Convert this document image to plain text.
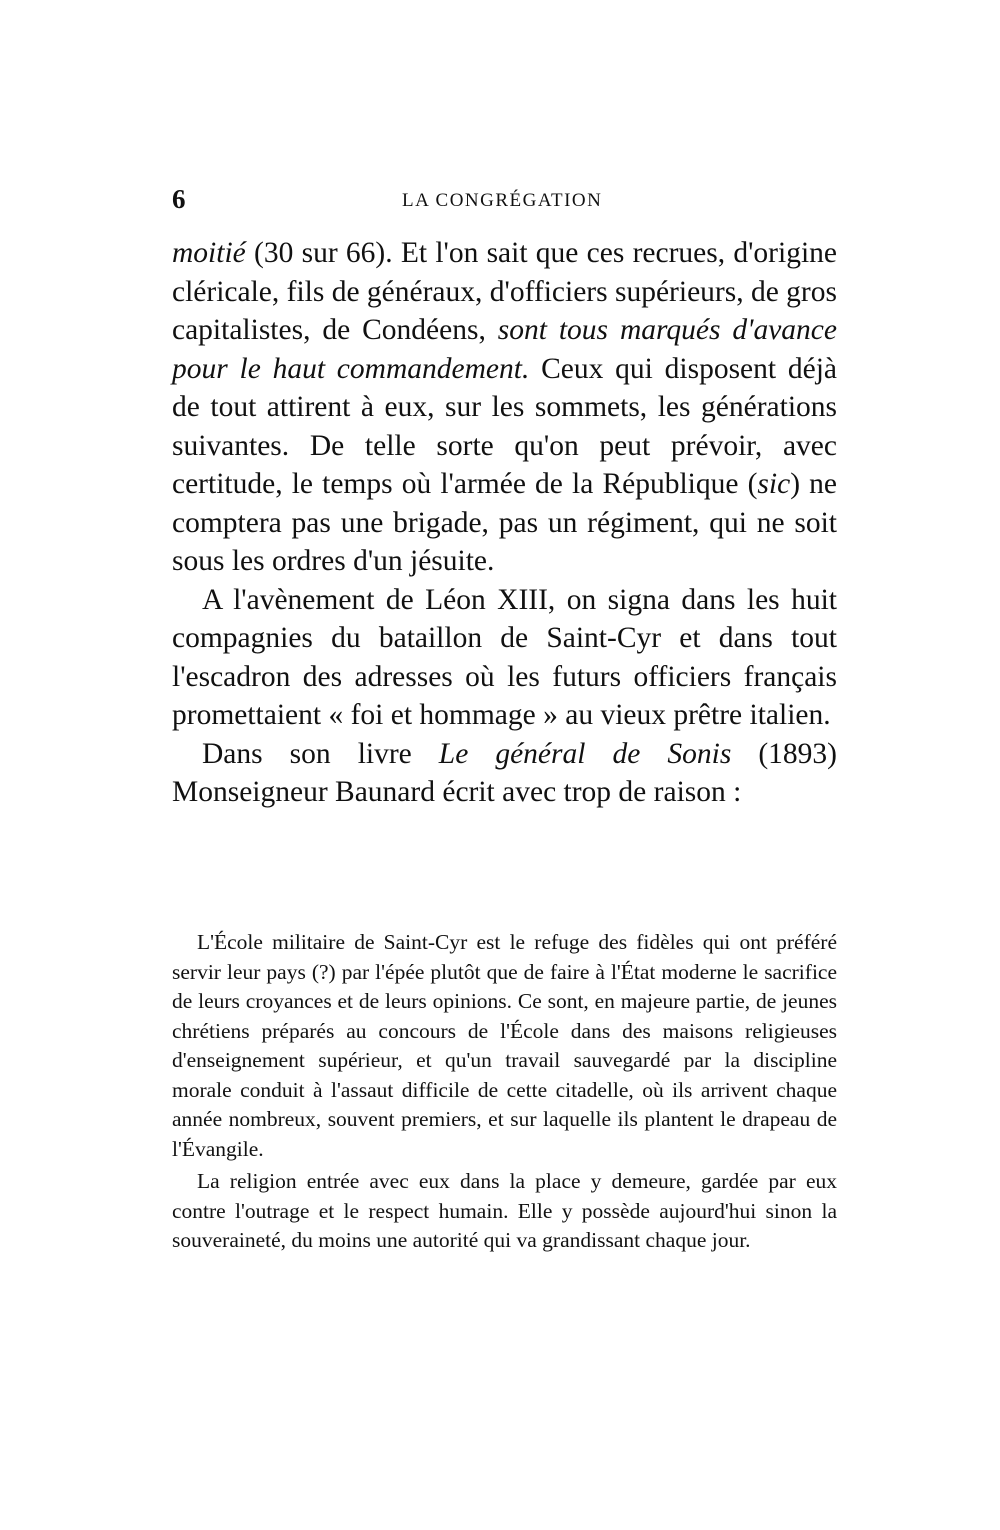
6	LA CONGRÉGATION

moitié (30 sur 66). Et l'on sait que ces recrues, d'origine cléricale, fils de généraux, d'officiers supérieurs, de gros capitalistes, de Condéens, sont tous marqués d'avance pour le haut commandement. Ceux qui disposent déjà de tout attirent à eux, sur les sommets, les générations suivantes. De telle sorte qu'on peut prévoir, avec certitude, le temps où l'armée de la République (sic) ne comptera pas une brigade, pas un régiment, qui ne soit sous les ordres d'un jésuite.

A l'avènement de Léon XIII, on signa dans les huit compagnies du bataillon de Saint-Cyr et dans tout l'escadron des adresses où les futurs officiers français promettaient « foi et hommage » au vieux prêtre italien.

Dans son livre Le général de Sonis (1893) Monseigneur Baunard écrit avec trop de raison :

L'École militaire de Saint-Cyr est le refuge des fidèles qui ont préféré servir leur pays (?) par l'épée plutôt que de faire à l'État moderne le sacrifice de leurs croyances et de leurs opinions. Ce sont, en majeure partie, de jeunes chrétiens préparés au concours de l'École dans des maisons religieuses d'enseignement supérieur, et qu'un travail sauvegardé par la discipline morale conduit à l'assaut difficile de cette citadelle, où ils arrivent chaque année nombreux, souvent premiers, et sur laquelle ils plantent le drapeau de l'Évangile.

La religion entrée avec eux dans la place y demeure, gardée par eux contre l'outrage et le respect humain. Elle y possède aujourd'hui sinon la souveraineté, du moins une autorité qui va grandissant chaque jour.
